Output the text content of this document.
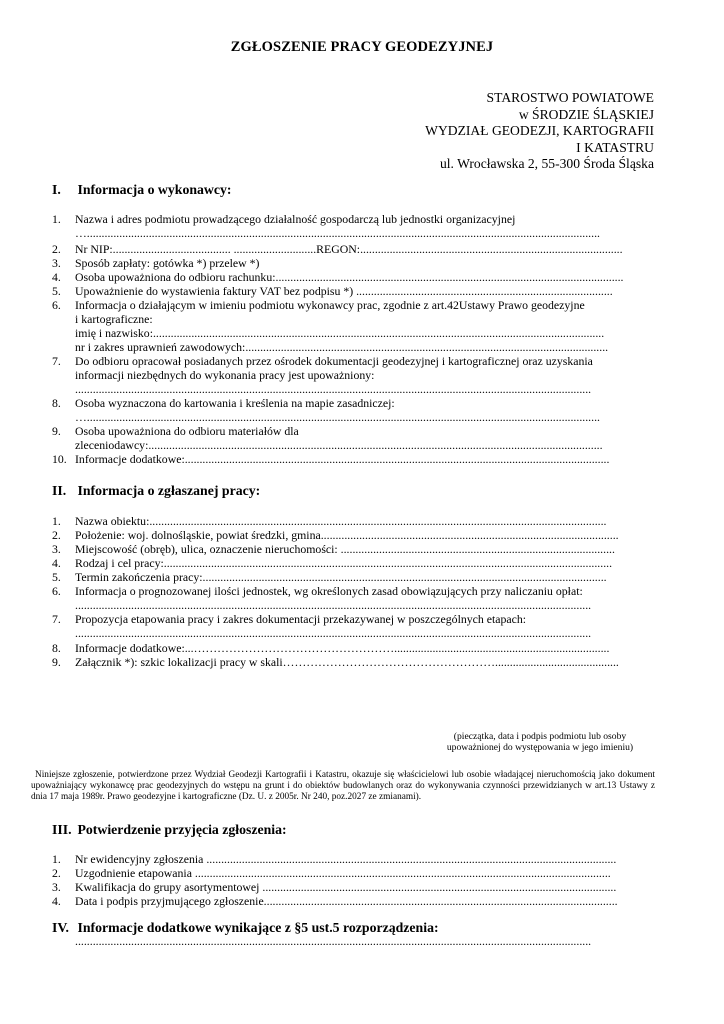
ZGŁOSZENIE PRACY GEODEZYJNEJ
STAROSTWO POWIATOWE
w ŚRODZIE ŚLĄSKIEJ
WYDZIAŁ GEODEZJI, KARTOGRAFII
I KATASTRU
ul. Wrocławska 2, 55-300 Środa Śląska
I. Informacja o wykonawcy:
1. Nazwa i adres podmiotu prowadzącego działalność gospodarczą lub jednostki organizacyjnej
…..............................................................................................................................................................................
2. Nr NIP:........................................ ............................REGON:.........................................................................................
3. Sposób zapłaty: gotówka *) przelew *)
4. Osoba upoważniona do odbioru rachunku:......................................................................................................................
5. Upoważnienie do wystawienia faktury VAT bez podpisu *) .......................................................................................
6. Informacja o działającym w imieniu podmiotu wykonawcy prac, zgodnie z art.42Ustawy Prawo geodezyjne
i kartograficzne:
imię i nazwisko:.........................................................................................................................................................
nr i zakres uprawnień zawodowych:...........................................................................................................................
7. Do odbioru opracował posiadanych przez ośrodek dokumentacji geodezyjnej i kartograficznej oraz uzyskania
informacji niezbędnych do wykonania pracy jest upoważniony:
...............................................................................................................................................................................
8. Osoba wyznaczona do kartowania i kreślenia na mapie zasadniczej:
…..............................................................................................................................................................................
9. Osoba upoważniona do odbioru materiałów dla
zleceniodawcy:..........................................................................................................................................................
10. Informacje dodatkowe:................................................................................................................................................
II. Informacja o zgłaszanej pracy:
1. Nazwa obiektu:...........................................................................................................................................................
2. Położenie: woj. dolnośląskie, powiat średzki, gmina.....................................................................................................
3. Miejscowość (obręb), ulica, oznaczenie nieruchomości: .............................................................................................
4. Rodzaj i cel pracy:........................................................................................................................................................
5. Termin zakończenia pracy:.........................................................................................................................................
6. Informacja o prognozowanej ilości jednostek, wg określonych zasad obowiązujących przy naliczaniu opłat:
...............................................................................................................................................................................
7. Propozycja etapowania pracy i zakres dokumentacji przekazywanej w poszczególnych etapach:
...............................................................................................................................................................................
8. Informacje dodatkowe:...…………………………………………….........................................................................
9. Załącznik *): szkic lokalizacji pracy w skali………………………………………………..........................................
(pieczątka, data i podpis podmiotu lub osoby
upoważnionej do występowania w jego imieniu)
Niniejsze zgłoszenie, potwierdzone przez Wydział Geodezji Kartografii i Katastru, okazuje się właścicielowi lub osobie władającej nieruchomością jako dokument upoważniający wykonawcę prac geodezyjnych do wstępu na grunt i do obiektów budowlanych oraz do wykonywania czynności przewidzianych w art.13 Ustawy z dnia 17 maja 1989r. Prawo geodezyjne i kartograficzne (Dz. U. z 2005r. Nr 240, poz.2027 ze zmianami).
III. Potwierdzenie przyjęcia zgłoszenia:
1. Nr ewidencyjny zgłoszenia ...........................................................................................................................................
2. Uzgodnienie etapowania .............................................................................................................................................
3. Kwalifikacja do grupy asortymentowej ........................................................................................................................
4. Data i podpis przyjmującego zgłoszenie........................................................................................................................
IV. Informacje dodatkowe wynikające z §5 ust.5 rozporządzenia:
...............................................................................................................................................................................
